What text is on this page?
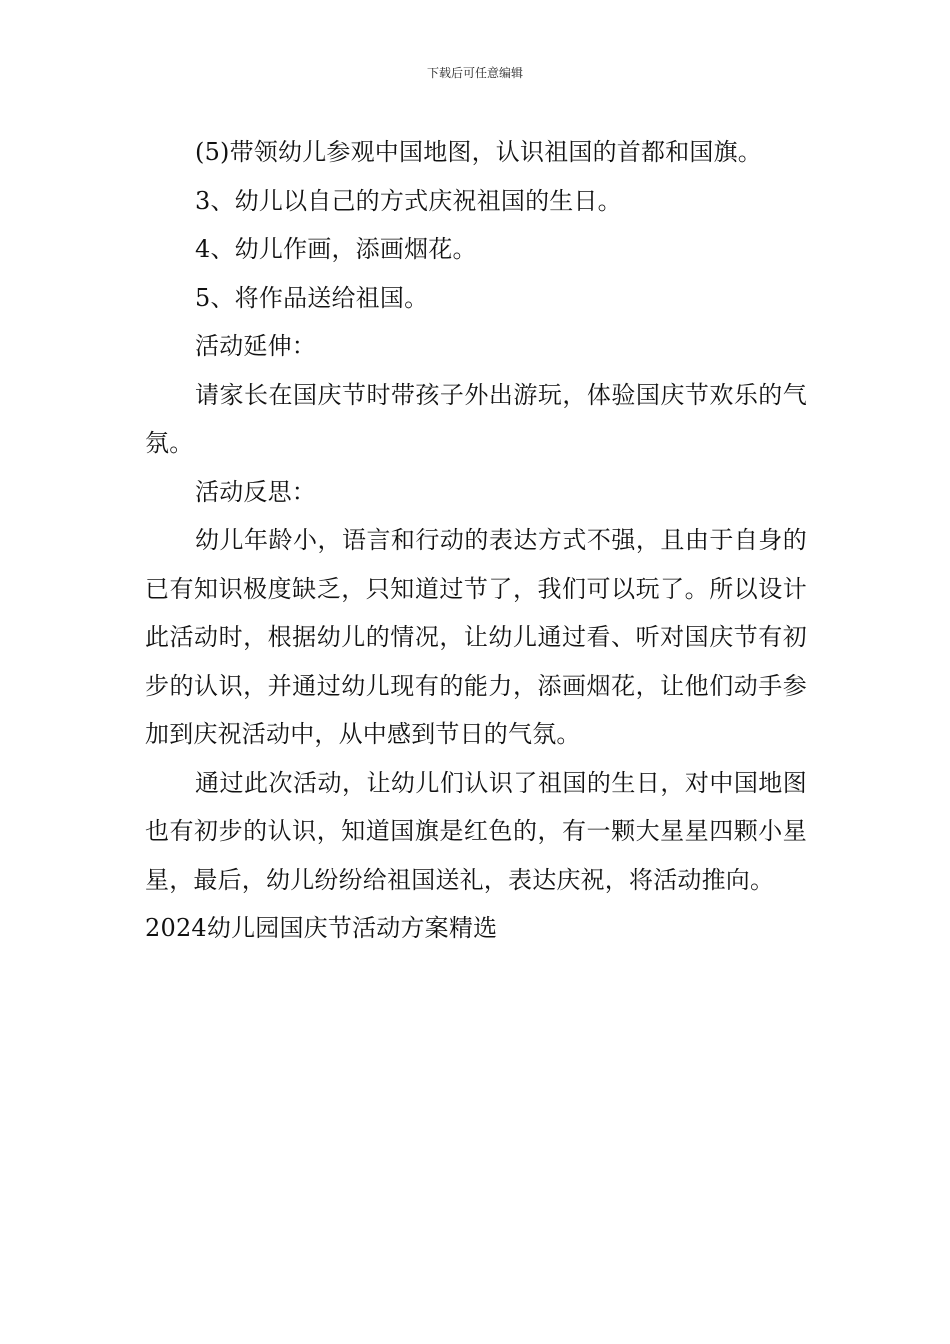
下载后可任意编辑

(5)带领幼儿参观中国地图，认识祖国的首都和国旗。

3、幼儿以自己的方式庆祝祖国的生日。

4、幼儿作画，添画烟花。

5、将作品送给祖国。

活动延伸：

请家长在国庆节时带孩子外出游玩，体验国庆节欢乐的气氛。

活动反思：

幼儿年龄小，语言和行动的表达方式不强，且由于自身的已有知识极度缺乏，只知道过节了，我们可以玩了。所以设计此活动时，根据幼儿的情况，让幼儿通过看、听对国庆节有初步的认识，并通过幼儿现有的能力，添画烟花，让他们动手参加到庆祝活动中，从中感到节日的气氛。

通过此次活动，让幼儿们认识了祖国的生日，对中国地图也有初步的认识，知道国旗是红色的，有一颗大星星四颗小星星，最后，幼儿纷纷给祖国送礼，表达庆祝，将活动推向。

2024幼儿园国庆节活动方案精选
